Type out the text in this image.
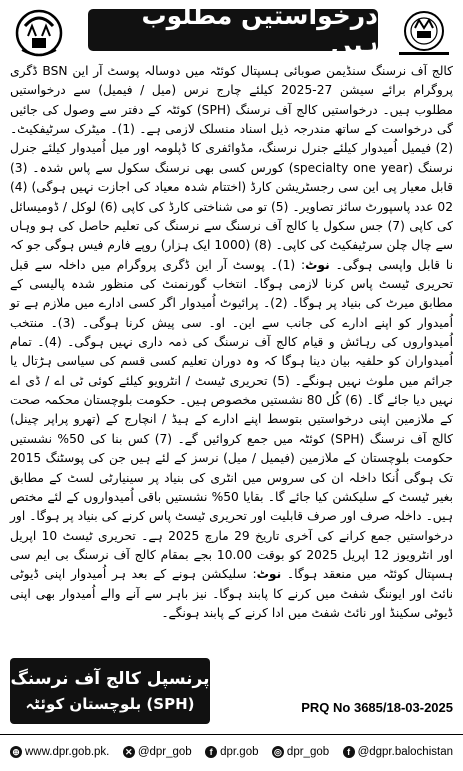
درخواستیں مطلوب ہیں

کالج آف نرسنگ سنڈیمن صوبائی ہسپتال کوئٹہ میں دوسالہ پوسٹ آر این BSN ڈگری پروگرام برائے سیشن 27-2025 کیلئے چارج نرس (میل / فیمیل) سے درخواستیں مطلوب ہیں۔ درخواستیں کالج آف نرسنگ (SPH) کوئٹہ کے دفتر سے وصول کی جائیں گی درخواست کے ساتھ مندرجہ ذیل اسناد منسلک لازمی ہے۔ (1)۔ میٹرک سرٹیفکیٹ۔ (2) فیمیل اُمیدوار کیلئے جنرل نرسنگ، مڈوائفری کا ڈپلومہ اور میل اُمیدوار کیلئے جنرل نرسنگ (specialty one year) کورس کسی بھی نرسنگ سکول سے پاس شدہ۔ (3) قابل معیار پی این سی رجسٹریشن کارڈ (اختتام شدہ معیاد کی اجازت نہیں ہوگی) (4) 02 عدد پاسپورٹ سائز تصاویر۔ (5) تو می شناختی کارڈ کی کاپی (6) لوکل / ڈومیسائل کی کاپی (7) جس سکول یا کالج آف نرسنگ سے نرسنگ کی تعلیم حاصل کی ہو وہاں سے چال چلن سرٹیفکیٹ کی کاپی۔ (8) (1000 ایک ہزار) روپے فارم فیس ہوگی جو کہ نا قابل واپسی ہوگی۔ نوٹ: (1)۔ پوسٹ آر این ڈگری پروگرام میں داخلہ سے قبل تحریری ٹیسٹ پاس کرنا لازمی ہوگا۔ انتخاب گورنمنٹ کی منظور شدہ پالیسی کے مطابق میرٹ کی بنیاد پر ہوگا۔ (2)۔ پرائیوٹ اُمیدوار اگر کسی ادارے میں ملازم ہے تو اُمیدوار کو اپنے ادارے کی جانب سے این۔ او۔ سی پیش کرنا ہوگی۔ (3)۔ منتخب اُمیدواروں کی رہائش و قیام کالج آف نرسنگ کی ذمہ داری نہیں ہوگی۔ (4)۔ تمام اُمیدواران کو حلفیہ بیان دینا ہوگا کہ وہ دوران تعلیم کسی قسم کی سیاسی ہڑتال یا جرائم میں ملوث نہیں ہونگے۔ (5) تحریری ٹیسٹ / انٹرویو کیلئے کوئی ٹی اے / ڈی اے نہیں دیا جائے گا۔ (6) کُل 80 نشستیں مخصوص ہیں۔ حکومت بلوچستان محکمہ صحت کے ملازمین اپنی درخواستیں بتوسط اپنے ادارے کے ہیڈ / انچارج کے (تھرو پراپر چینل) کالج آف نرسنگ (SPH) کوئٹہ میں جمع کروائیں گے۔ (7) کس بنا کی 50% نشستیں حکومت بلوچستان کے ملازمین (فیمیل / میل) نرسز کے لئے ہیں جن کی پوسٹنگ 2015 تک ہوگی اُنکا داخلہ ان کی سروس میں انٹری کی بنیاد پر سینیارٹی لسٹ کے مطابق بغیر ٹیسٹ کے سلیکشن کیا جائے گا۔ بقایا 50% نشستیں باقی اُمیدواروں کے لئے مختص ہیں۔ داخلہ صرف اور صرف قابلیت اور تحریری ٹیسٹ پاس کرنے کی بنیاد پر ہوگا۔ اور درخواستیں جمع کرانے کی آخری تاریخ 29 مارچ 2025 ہے۔ تحریری ٹیسٹ 10 اپریل اور انٹرویوز 12 اپریل 2025 کو بوقت 10.00 بجے بمقام کالج آف نرسنگ بی ایم سی ہسپتال کوئٹہ میں منعقد ہوگا۔ نوٹ: سلیکشن ہونے کے بعد ہر اُمیدوار اپنی ڈیوٹی نائٹ اور ایوننگ شفٹ میں کرنے کا پابند ہوگا۔ نیز باہر سے آنے والے اُمیدوار بھی اپنی ڈیوٹی سکینڈ اور نائٹ شفٹ میں ادا کرنے کے پابند ہونگے۔

پرنسپل کالج آف نرسنگ
(SPH) بلوچستان کوئٹہ	PRQ No 3685/18-03-2025
⊕ www.dpr.gob.pk. ✕ @dpr_gob	f dpr.gob ◎ dpr_gob	f @dgpr.balochistan
